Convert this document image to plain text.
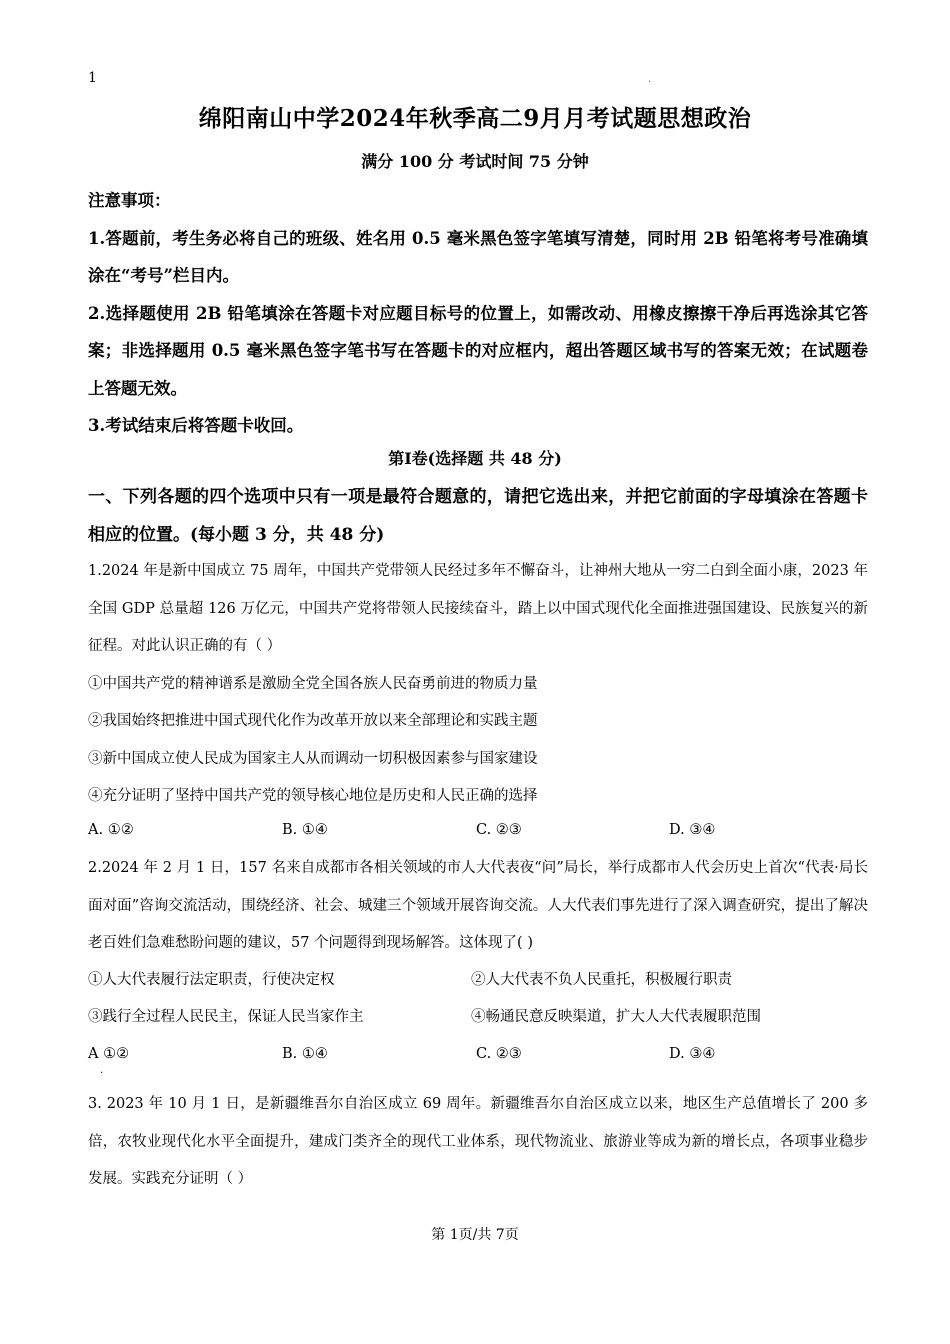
1	.
绵阳南山中学2024年秋季高二9月月考试题思想政治
满分 100 分 考试时间 75 分钟

注意事项：

1.答题前，考生务必将自己的班级、姓名用 0.5 毫米黑色签字笔填写清楚，同时用 2B 铅笔将考号准确填涂在“考号”栏目内。

2.选择题使用 2B 铅笔填涂在答题卡对应题目标号的位置上，如需改动、用橡皮擦擦干净后再选涂其它答案；非选择题用 0.5 毫米黑色签字笔书写在答题卡的对应框内，超出答题区域书写的答案无效；在试题卷上答题无效。

3.考试结束后将答题卡收回。

第Ⅰ卷(选择题 共 48 分)
一、下列各题的四个选项中只有一项是最符合题意的，请把它选出来，并把它前面的字母填涂在答题卡相应的位置。(每小题 3 分，共 48 分)

1.2024 年是新中国成立 75 周年，中国共产党带领人民经过多年不懈奋斗，让神州大地从一穷二白到全面小康，2023 年全国 GDP 总量超 126 万亿元，中国共产党将带领人民接续奋斗，踏上以中国式现代化全面推进强国建设、民族复兴的新征程。对此认识正确的有（ ）

①中国共产党的精神谱系是激励全党全国各族人民奋勇前进的物质力量

②我国始终把推进中国式现代化作为改革开放以来全部理论和实践主题

③新中国成立使人民成为国家主人从而调动一切积极因素参与国家建设

④充分证明了坚持中国共产党的领导核心地位是历史和人民正确的选择

A. ①②	B. ①④	C. ②③	D. ③④

2.2024 年 2 月 1 日，157 名来自成都市各相关领域的市人大代表夜“问”局长，举行成都市人代会历史上首次“代表·局长面对面”咨询交流活动，围绕经济、社会、城建三个领域开展咨询交流。人大代表们事先进行了深入调查研究，提出了解决老百姓们急难愁盼问题的建议，57 个问题得到现场解答。这体现了( )

①人大代表履行法定职责，行使决定权	②人大代表不负人民重托，积极履行职责
③践行全过程人民民主，保证人民当家作主	④畅通民意反映渠道，扩大人大代表履职范围
A ①②	B. ①④	C. ②③	D. ③④
.

3. 2023 年 10 月 1 日，是新疆维吾尔自治区成立 69 周年。新疆维吾尔自治区成立以来，地区生产总值增长了 200 多倍，农牧业现代化水平全面提升，建成门类齐全的现代工业体系，现代物流业、旅游业等成为新的增长点，各项事业稳步发展。实践充分证明（ ）

第 1页/共 7页
